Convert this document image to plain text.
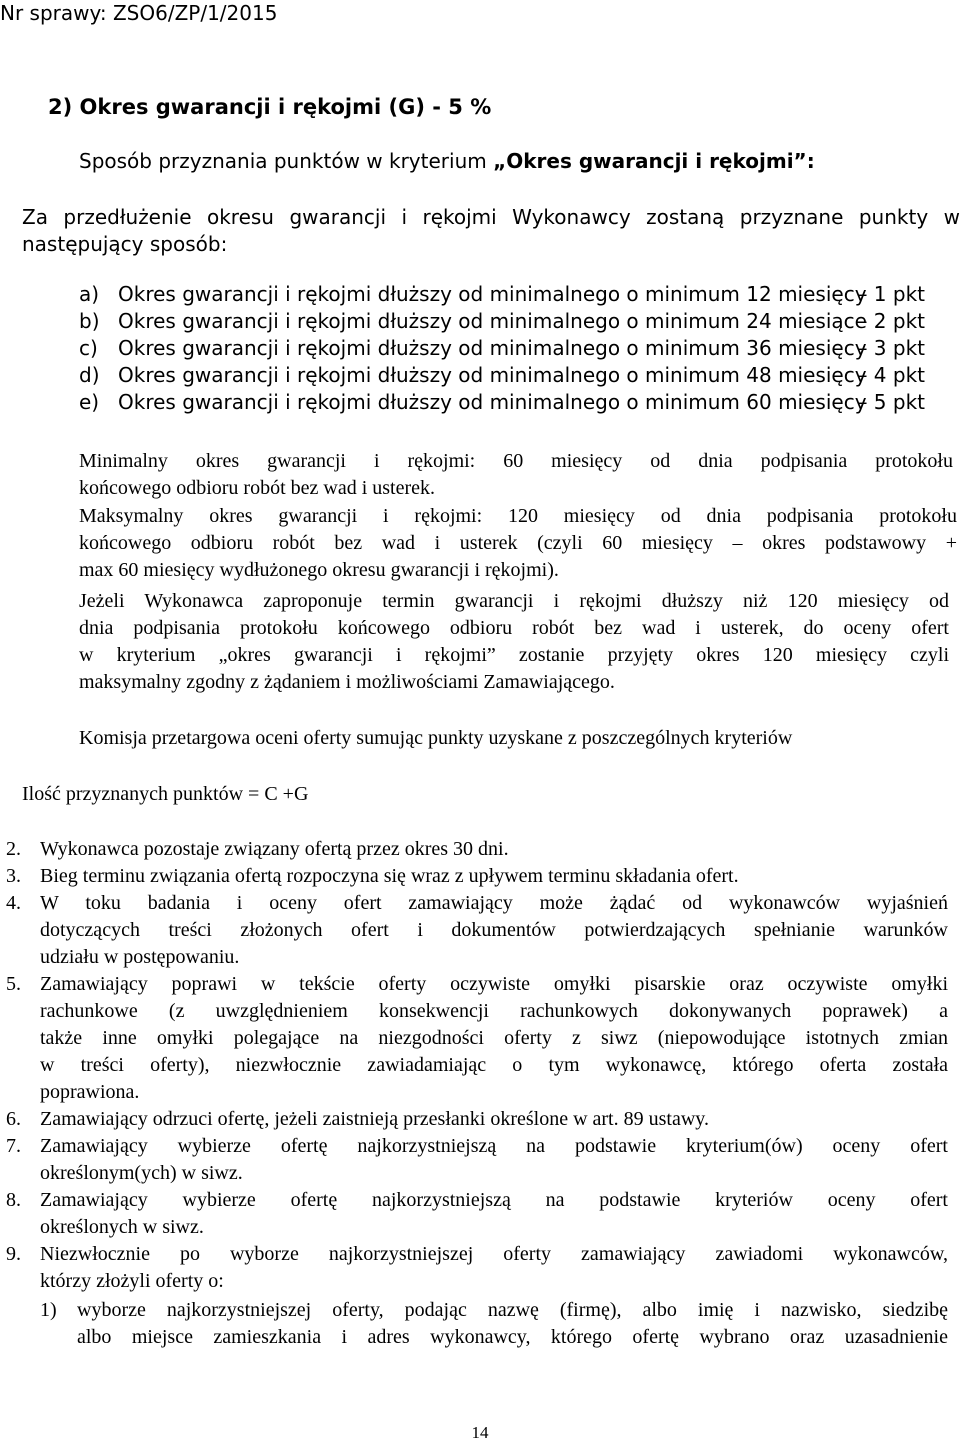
Nr sprawy: ZSO6/ZP/1/2015
2) Okres gwarancji i rękojmi (G) - 5 %
Sposób przyznania punktów w kryterium „Okres gwarancji i rękojmi”:
Za przedłużenie okresu gwarancji i rękojmi Wykonawcy zostaną przyznane punkty w
następujący sposób:
a) Okres gwarancji i rękojmi dłuższy od minimalnego o minimum 12 miesięcy
– 1 pkt
b) Okres gwarancji i rękojmi dłuższy od minimalnego o minimum 24 miesiące
– 2 pkt
c) Okres gwarancji i rękojmi dłuższy od minimalnego o minimum 36 miesięcy
– 3 pkt
d) Okres gwarancji i rękojmi dłuższy od minimalnego o minimum 48 miesięcy
– 4 pkt
e) Okres gwarancji i rękojmi dłuższy od minimalnego o minimum 60 miesięcy
– 5 pkt
Minimalny okres gwarancji i rękojmi: 60 miesięcy od dnia podpisania protokołu
końcowego odbioru robót bez wad i usterek.
Maksymalny okres gwarancji i rękojmi: 120 miesięcy od dnia podpisania protokołu
końcowego odbioru robót bez wad i usterek (czyli 60 miesięcy – okres podstawowy +
max 60 miesięcy wydłużonego okresu gwarancji i rękojmi).
Jeżeli Wykonawca zaproponuje termin gwarancji i rękojmi dłuższy niż 120 miesięcy od
dnia podpisania protokołu końcowego odbioru robót bez wad i usterek, do oceny ofert
w kryterium „okres gwarancji i rękojmi” zostanie przyjęty okres 120 miesięcy czyli
maksymalny zgodny z żądaniem i możliwościami Zamawiającego.
Komisja przetargowa oceni oferty sumując punkty uzyskane z poszczególnych kryteriów
Ilość przyznanych punktów = C +G
2. Wykonawca pozostaje związany ofertą przez okres 30 dni.
3. Bieg terminu związania ofertą rozpoczyna się wraz z upływem terminu składania ofert.
4. W toku badania i oceny ofert zamawiający może żądać od wykonawców wyjaśnień
dotyczących treści złożonych ofert i dokumentów potwierdzających spełnianie warunków
udziału w postępowaniu.
5. Zamawiający poprawi w tekście oferty oczywiste omyłki pisarskie oraz oczywiste omyłki
rachunkowe (z uwzględnieniem konsekwencji rachunkowych dokonywanych poprawek) a
także inne omyłki polegające na niezgodności oferty z siwz (niepowodujące istotnych zmian
w treści oferty), niezwłocznie zawiadamiając o tym wykonawcę, którego oferta została
poprawiona.
6. Zamawiający odrzuci ofertę, jeżeli zaistnieją przesłanki określone w art. 89 ustawy.
7. Zamawiający wybierze ofertę najkorzystniejszą na podstawie kryterium(ów) oceny ofert
określonym(ych) w siwz.
8. Zamawiający wybierze ofertę najkorzystniejszą na podstawie kryteriów oceny ofert
określonych w siwz.
9. Niezwłocznie po wyborze najkorzystniejszej oferty zamawiający zawiadomi wykonawców,
którzy złożyli oferty o:
1) wyborze najkorzystniejszej oferty, podając nazwę (firmę), albo imię i nazwisko, siedzibę
albo miejsce zamieszkania i adres wykonawcy, którego ofertę wybrano oraz uzasadnienie
14
